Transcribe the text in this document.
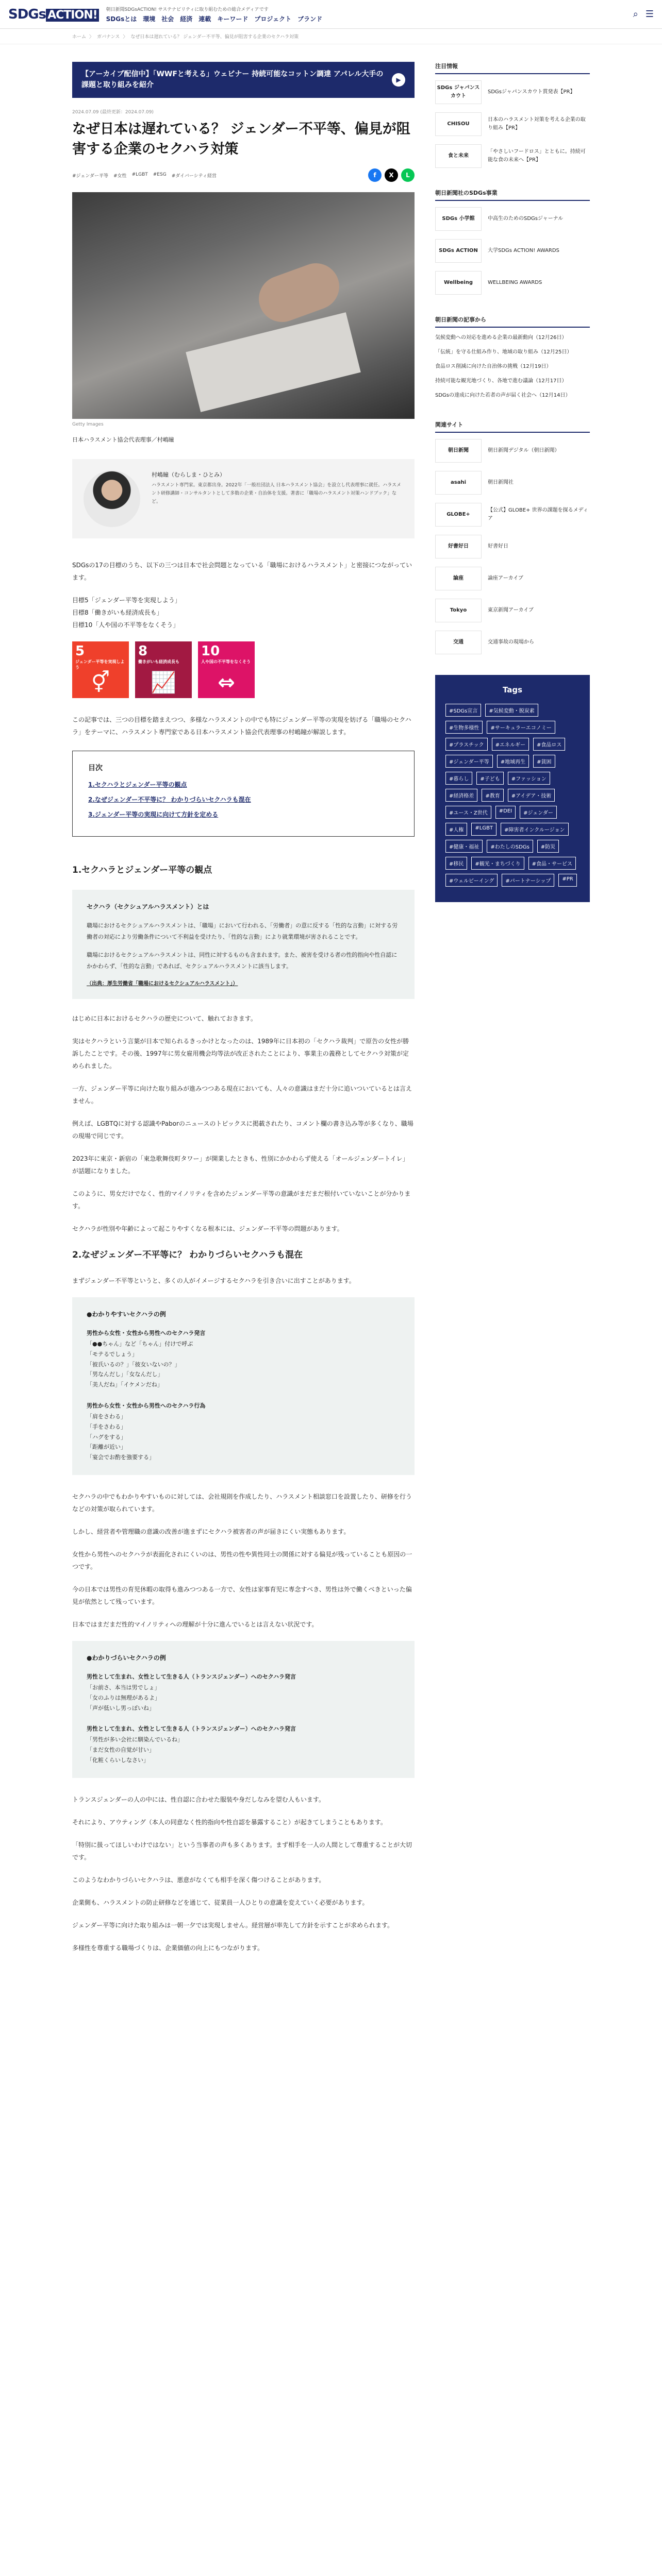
SDGs ACTION!	朝日新聞SDGsACTION! サステナビリティに取り組むための総合メディアです
SDGsとは 環境 社会 経済 連載 キーワード プロジェクト ブランド	⌕ ☰
ホーム 〉 ガバナンス 〉 なぜ日本は遅れている？ ジェンダー不平等、偏見が阻害する企業のセクハラ対策
【アーカイブ配信中】「WWFと考える」ウェビナー 持続可能なコットン調達 アパレル大手の課題と取り組みを紹介
▶
2024.07.09 (最終更新：2024.07.09)
なぜ日本は遅れている？ ジェンダー不平等、偏見が阻害する企業のセクハラ対策
#ジェンダー平等 #女性 #LGBT #ESG #ダイバーシティ経営	f	X	L
Getty Images
日本ハラスメント協会代表理事／村嶋瞳
村嶋瞳（むらしま・ひとみ）
ハラスメント専門家。東京都出身。2022年「一般社団法人 日本ハラスメント協会」を設立し代表理事に就任。ハラスメント研修講師・コンサルタントとして多数の企業・自治体を支援。著書に「職場のハラスメント対策ハンドブック」など。

SDGsの17の目標のうち、以下の三つは日本で社会問題となっている「職場におけるハラスメント」と密接につながっています。

目標5「ジェンダー平等を実現しよう」

目標8「働きがいも経済成長も」

目標10「人や国の不平等をなくそう」

5
ジェンダー平等を実現しよう
⚥
8
働きがいも経済成長も
📈
10
人や国の不平等をなくそう
⇔

この記事では、三つの目標を踏まえつつ、多様なハラスメントの中でも特にジェンダー平等の実現を妨げる「職場のセクハラ」をテーマに、ハラスメント専門家である日本ハラスメント協会代表理事の村嶋瞳が解説します。

目次
1.セクハラとジェンダー平等の観点
2.なぜジェンダー不平等に？ わかりづらいセクハラも混在
3.ジェンダー平等の実現に向けて方針を定める
1.セクハラとジェンダー平等の観点
セクハラ（セクシュアルハラスメント）とは

職場におけるセクシュアルハラスメントは、「職場」において行われる、「労働者」の意に反する「性的な言動」に対する労働者の対応により労働条件について不利益を受けたり、「性的な言動」により就業環境が害されることです。

職場におけるセクシュアルハラスメントは、同性に対するものも含まれます。また、被害を受ける者の性的指向や性自認にかかわらず、「性的な言動」であれば、セクシュアルハラスメントに該当します。

（出典：厚生労働省「職場におけるセクシュアルハラスメント」）

はじめに日本におけるセクハラの歴史について、触れておきます。

実はセクハラという言葉が日本で知られるきっかけとなったのは、1989年に日本初の「セクハラ裁判」で原告の女性が勝訴したことです。その後、1997年に男女雇用機会均等法が改正されたことにより、事業主の義務としてセクハラ対策が定められました。

一方、ジェンダー平等に向けた取り組みが進みつつある現在においても、人々の意識はまだ十分に追いついているとは言えません。

例えば、LGBTQに対する認識やPaborのニュースのトピックスに掲載されたり、コメント欄の書き込み等が多くなり、職場の現場で同じです。

2023年に東京・新宿の「東急歌舞伎町タワー」が開業したときも、性別にかかわらず使える「オールジェンダートイレ」が話題になりました。

このように、男女だけでなく、性的マイノリティを含めたジェンダー平等の意識がまだまだ根付いていないことが分かります。

セクハラが性別や年齢によって起こりやすくなる根本には、ジェンダー不平等の問題があります。

2.なぜジェンダー不平等に？ わかりづらいセクハラも混在

まずジェンダー不平等というと、多くの人がイメージするセクハラを引き合いに出すことがあります。

●わかりやすいセクハラの例
男性から女性・女性から男性へのセクハラ発言
「●●ちゃん」など「ちゃん」付けで呼ぶ
「モテるでしょう」
「彼氏いるの？」「彼女いないの？」
「男なんだし」「女なんだし」
「美人だね」「イケメンだね」
男性から女性・女性から男性へのセクハラ行為
「肩をさわる」
「手をさわる」
「ハグをする」
「距離が近い」
「宴会でお酌を強要する」

セクハラの中でもわかりやすいものに対しては、会社規則を作成したり、ハラスメント相談窓口を設置したり、研修を行うなどの対策が取られています。

しかし、経営者や管理職の意識の改善が進まずにセクハラ被害者の声が届きにくい実態もあります。

女性から男性へのセクハラが表面化されにくいのは、男性の性や異性同士の関係に対する偏見が残っていることも原因の一つです。

今の日本では男性の育児休暇の取得も進みつつある一方で、女性は家事育児に専念すべき、男性は外で働くべきといった偏見が依然として残っています。

日本ではまだまだ性的マイノリティへの理解が十分に進んでいるとは言えない状況です。

●わかりづらいセクハラの例
男性として生まれ、女性として生きる人（トランスジェンダー）へのセクハラ発言
「お前さ、本当は男でしょ」
「女のふりは無理があるよ」
「声が低いし男っぽいね」
男性として生まれ、女性として生きる人（トランスジェンダー）へのセクハラ発言
「男性が多い会社に馴染んでいるね」
「まだ女性の自覚が甘い」
「化粧くらいしなさい」

トランスジェンダーの人の中には、性自認に合わせた服装や身だしなみを望む人もいます。

それにより、アウティング（本人の同意なく性的指向や性自認を暴露すること）が起きてしまうこともあります。

「特別に扱ってほしいわけではない」という当事者の声も多くあります。まず相手を一人の人間として尊重することが大切です。

このようなわかりづらいセクハラは、悪意がなくても相手を深く傷つけることがあります。

企業側も、ハラスメントの防止研修などを通じて、従業員一人ひとりの意識を変えていく必要があります。

ジェンダー平等に向けた取り組みは一朝一夕では実現しません。経営層が率先して方針を示すことが求められます。

多様性を尊重する職場づくりは、企業価値の向上にもつながります。

注目情報
SDGs ジャパンスカウト
SDGsジャパンスカウト賞発表【PR】
CHISOU
日本のハラスメント対策を考える企業の取り組み【PR】
食と未来
「やさしいフードロス」とともに。持続可能な食の未来へ【PR】
朝日新聞社のSDGs事業
SDGs 小学館	中高生のためのSDGsジャーナル
SDGs ACTION	大学SDGs ACTION! AWARDS
Wellbeing	WELLBEING AWARDS
朝日新聞の記事から
気候変動への対応を進める企業の最新動向（12月26日）
「伝統」を守る仕組み作り、地域の取り組み（12月25日）
食品ロス削減に向けた自治体の挑戦（12月19日）
持続可能な観光地づくり、各地で進む議論（12月17日）
SDGsの達成に向けた若者の声が届く社会へ（12月14日）
関連サイト
朝日新聞	朝日新聞デジタル（朝日新聞）
asahi	朝日新聞社
GLOBE+
【公式】GLOBE+ 世界の課題を探るメディア
好書好日	好書好日
論座	論座アーカイブ
Tokyo	東京新聞アーカイブ
交通	交通事故の現場から
Tags
#SDGs宣言	#気候変動・脱炭素
#生物多様性	#サーキュラーエコノミー
#プラスチック	#エネルギー	#食品ロス
#ジェンダー平等	#地域再生	#貧困
#暮らし	#子ども	#ファッション
#経済格差	#教育	#アイデア・技術
#ユース・Z世代	#DEI	#ジェンダー
#人権	#LGBT	#障害者インクルージョン
#健康・福祉	#わたしのSDGs	#防災
#移民	#観光・まちづくり	#食品・サービス
#ウェルビーイング	#パートナーシップ	#PR
